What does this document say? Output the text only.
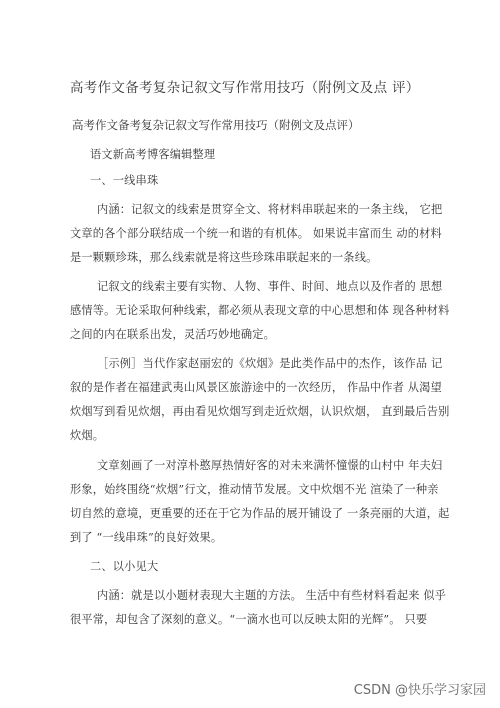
高考作文备考复杂记叙文写作常用技巧（附例文及点 评）
高考作文备考复杂记叙文写作常用技巧（附例文及点评）
语文新高考博客编辑整理
一、一线串珠
内涵：记叙文的线索是贯穿全文、将材料串联起来的一条主线， 它把
文章的各个部分联结成一个统一和谐的有机体。 如果说丰富而生 动的材料
是一颗颗珍珠，那么线索就是将这些珍珠串联起来的一条线。
记叙文的线索主要有实物、人物、事件、时间、地点以及作者的 思想
感情等。无论采取何种线索，都必须从表现文章的中心思想和体 现各种材料
之间的内在联系出发，灵活巧妙地确定。
［示例］当代作家赵丽宏的《炊烟》是此类作品中的杰作，该作品 记
叙的是作者在福建武夷山风景区旅游途中的一次经历， 作品中作者 从渴望
炊烟写到看见炊烟，再由看见炊烟写到走近炊烟，认识炊烟， 直到最后告别
炊烟。
文章刻画了一对淳朴憨厚热情好客的对未来满怀憧憬的山村中 年夫妇
形象，始终围绕“炊烟”行文，推动情节发展。文中炊烟不光 渲染了一种亲
切自然的意境，更重要的还在于它为作品的展开铺设了 一条亮丽的大道，起
到了 “一线串珠”的良好效果。
二、以小见大
内涵：就是以小题材表现大主题的方法。 生活中有些材料看起来 似乎
很平常，却包含了深刻的意义。“一滴水也可以反映太阳的光辉”。 只要
CSDN @快乐学习家园
